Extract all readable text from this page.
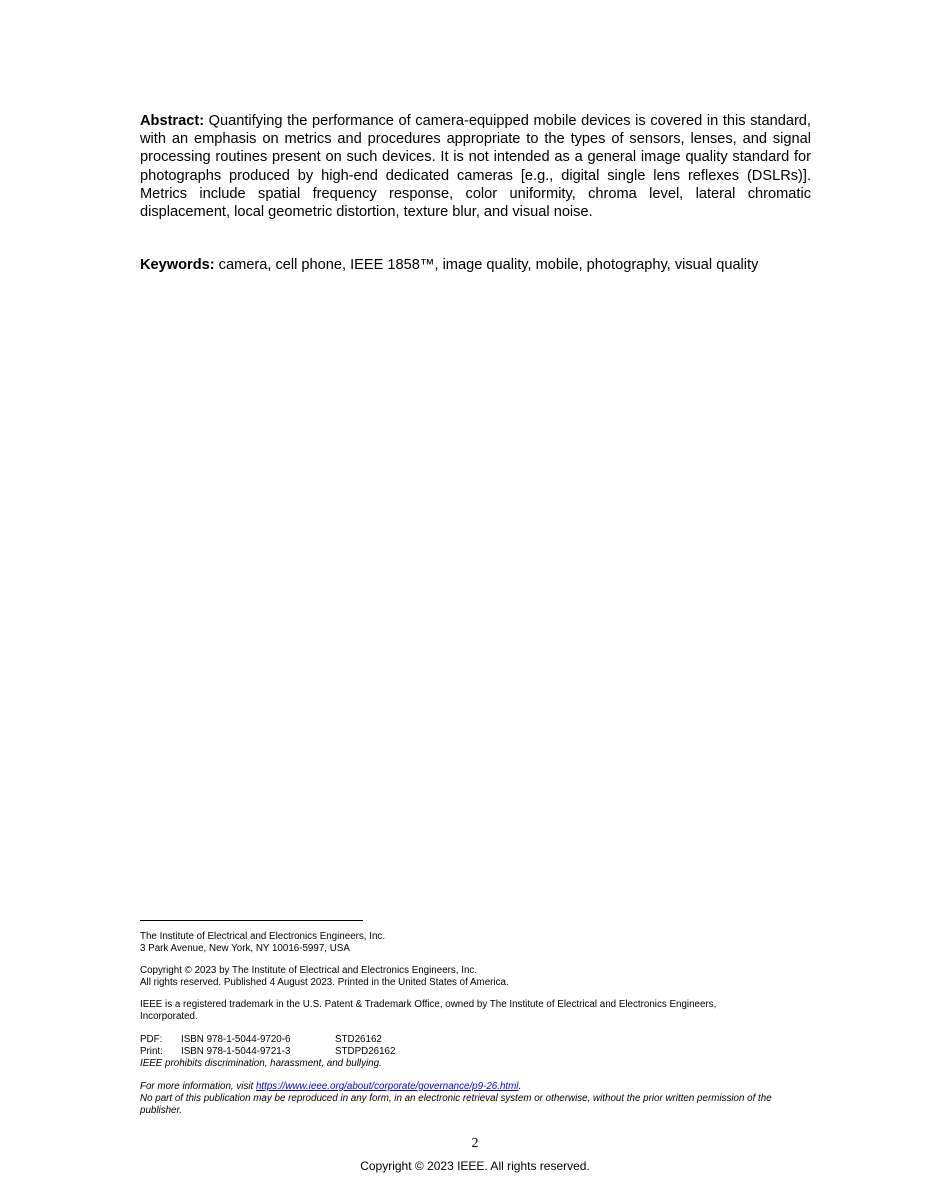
Abstract: Quantifying the performance of camera-equipped mobile devices is covered in this standard, with an emphasis on metrics and procedures appropriate to the types of sensors, lenses, and signal processing routines present on such devices. It is not intended as a general image quality standard for photographs produced by high-end dedicated cameras [e.g., digital single lens reflexes (DSLRs)]. Metrics include spatial frequency response, color uniformity, chroma level, lateral chromatic displacement, local geometric distortion, texture blur, and visual noise.

Keywords: camera, cell phone, IEEE 1858™, image quality, mobile, photography, visual quality

The Institute of Electrical and Electronics Engineers, Inc.
3 Park Avenue, New York, NY 10016-5997, USA
Copyright © 2023 by The Institute of Electrical and Electronics Engineers, Inc.
All rights reserved. Published 4 August 2023. Printed in the United States of America.
IEEE is a registered trademark in the U.S. Patent & Trademark Office, owned by The Institute of Electrical and Electronics Engineers, Incorporated.
PDF: ISBN 978-1-5044-9720-6	STD26162
Print: ISBN 978-1-5044-9721-3	STDPD26162
IEEE prohibits discrimination, harassment, and bullying.
For more information, visit https://www.ieee.org/about/corporate/governance/p9-26.html.
No part of this publication may be reproduced in any form, in an electronic retrieval system or otherwise, without the prior written permission of the publisher.
2
Copyright © 2023 IEEE. All rights reserved.
